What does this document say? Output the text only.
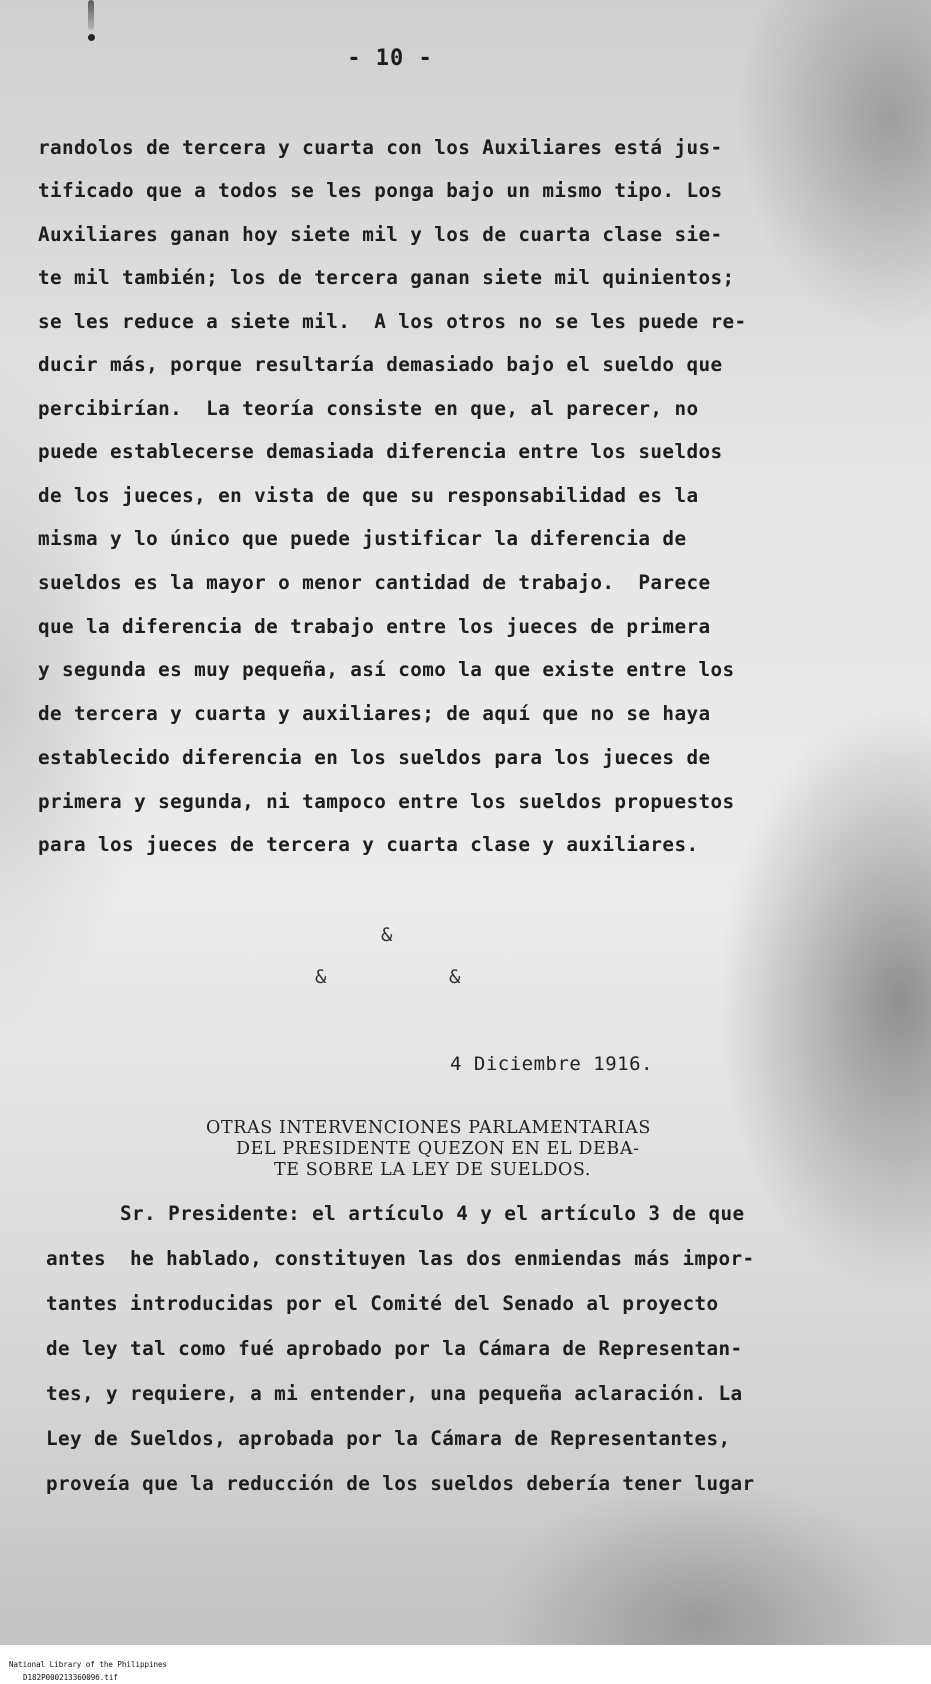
- 10 -
randolos de tercera y cuarta con los Auxiliares está jus-
tificado que a todos se les ponga bajo un mismo tipo. Los
Auxiliares ganan hoy siete mil y los de cuarta clase sie-
te mil también; los de tercera ganan siete mil quinientos;
se les reduce a siete mil.  A los otros no se les puede re-
ducir más, porque resultaría demasiado bajo el sueldo que
percibirían.  La teoría consiste en que, al parecer, no
puede establecerse demasiada diferencia entre los sueldos
de los jueces, en vista de que su responsabilidad es la
misma y lo único que puede justificar la diferencia de
sueldos es la mayor o menor cantidad de trabajo.  Parece
que la diferencia de trabajo entre los jueces de primera
y segunda es muy pequeña, así como la que existe entre los
de tercera y cuarta y auxiliares; de aquí que no se haya
establecido diferencia en los sueldos para los jueces de
primera y segunda, ni tampoco entre los sueldos propuestos
para los jueces de tercera y cuarta clase y auxiliares.
&
&	&
4 Diciembre 1916.
OTRAS INTERVENCIONES PARLAMENTARIAS
DEL PRESIDENTE QUEZON EN EL DEBA-
TE SOBRE LA LEY DE SUELDOS.
Sr. Presidente: el artículo 4 y el artículo 3 de que
antes  he hablado, constituyen las dos enmiendas más impor-
tantes introducidas por el Comité del Senado al proyecto
de ley tal como fué aprobado por la Cámara de Representan-
tes, y requiere, a mi entender, una pequeña aclaración. La
Ley de Sueldos, aprobada por la Cámara de Representantes,
proveía que la reducción de los sueldos debería tener lugar

National Library of the Philippines
D182P00021336009б.tif
